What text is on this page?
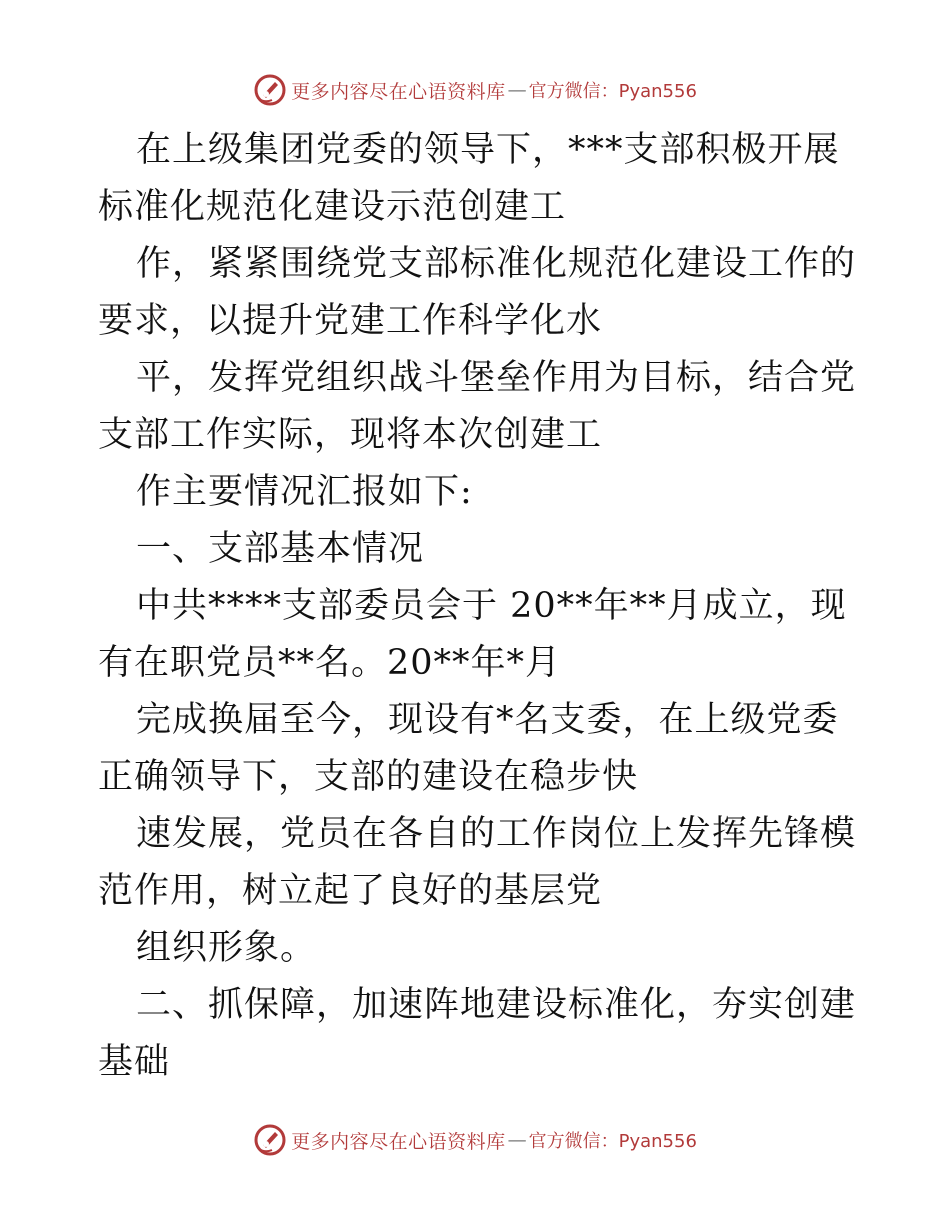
更多内容尽在心语资料库 — 官方微信：Pyan556

在上级集团党委的领导下，***支部积极开展标准化规范化建设示范创建工

作，紧紧围绕党支部标准化规范化建设工作的要求，以提升党建工作科学化水

平，发挥党组织战斗堡垒作用为目标，结合党支部工作实际，现将本次创建工

作主要情况汇报如下:

一、支部基本情况

中共****支部委员会于 20**年**月成立，现有在职党员**名。20**年*月

完成换届至今，现设有*名支委，在上级党委正确领导下，支部的建设在稳步快

速发展，党员在各自的工作岗位上发挥先锋模范作用，树立起了良好的基层党

组织形象。

二、抓保障，加速阵地建设标准化，夯实创建基础

更多内容尽在心语资料库 — 官方微信：Pyan556
